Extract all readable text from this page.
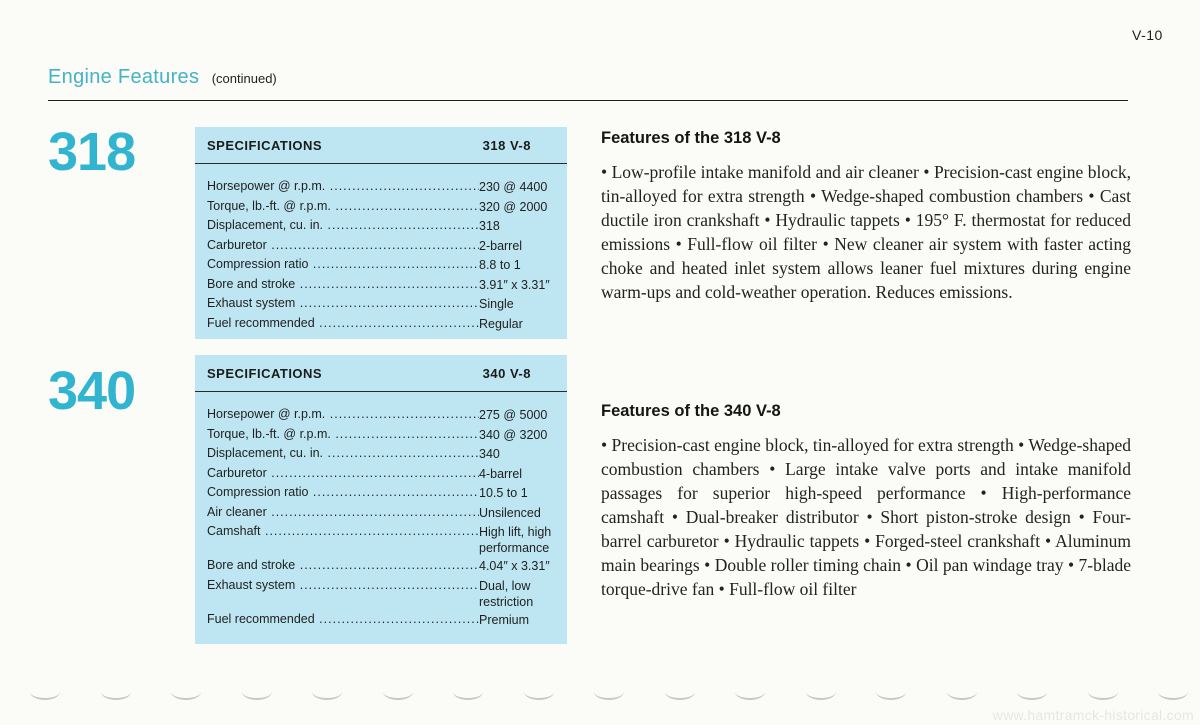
V-10
Engine Features (continued)
318	SPECIFICATIONS	318 V-8
Horsepower @ r.p.m. .....	230 @ 4400
Torque, lb.-ft. @ r.p.m. .....	320 @ 2000
Displacement, cu. in. .....	318
Carburetor .....	2-barrel
Compression ratio .....	8.8 to 1
Bore and stroke .....	3.91″ x 3.31″
Exhaust system .....	Single
Fuel recommended .....	Regular
Features of the 318 V-8

• Low-profile intake manifold and air cleaner • Precision-cast engine block, tin-alloyed for extra strength • Wedge-shaped combustion chambers • Cast ductile iron crankshaft • Hydraulic tappets • 195° F. thermostat for reduced emissions • Full-flow oil filter • New cleaner air system with faster acting choke and heated inlet system allows leaner fuel mixtures during engine warm-ups and cold-weather operation. Reduces emissions.

340	SPECIFICATIONS	340 V-8
Horsepower @ r.p.m. .....	275 @ 5000
Torque, lb.-ft. @ r.p.m. .....	340 @ 3200
Displacement, cu. in. .....	340
Carburetor .....	4-barrel
Compression ratio .....	10.5 to 1
Air cleaner .....	Unsilenced
Camshaft .....	High lift, high performance
Bore and stroke .....	4.04″ x 3.31″
Exhaust system .....	Dual, low restriction
Fuel recommended .....	Premium
Features of the 340 V-8

• Precision-cast engine block, tin-alloyed for extra strength • Wedge-shaped combustion chambers • Large intake valve ports and intake manifold passages for superior high-speed performance • High-performance camshaft • Dual-breaker distributor • Short piston-stroke design • Four-barrel carburetor • Hydraulic tappets • Forged-steel crankshaft • Aluminum main bearings • Double roller timing chain • Oil pan windage tray • 7-blade torque-drive fan • Full-flow oil filter

www.hamtramck-historical.com
